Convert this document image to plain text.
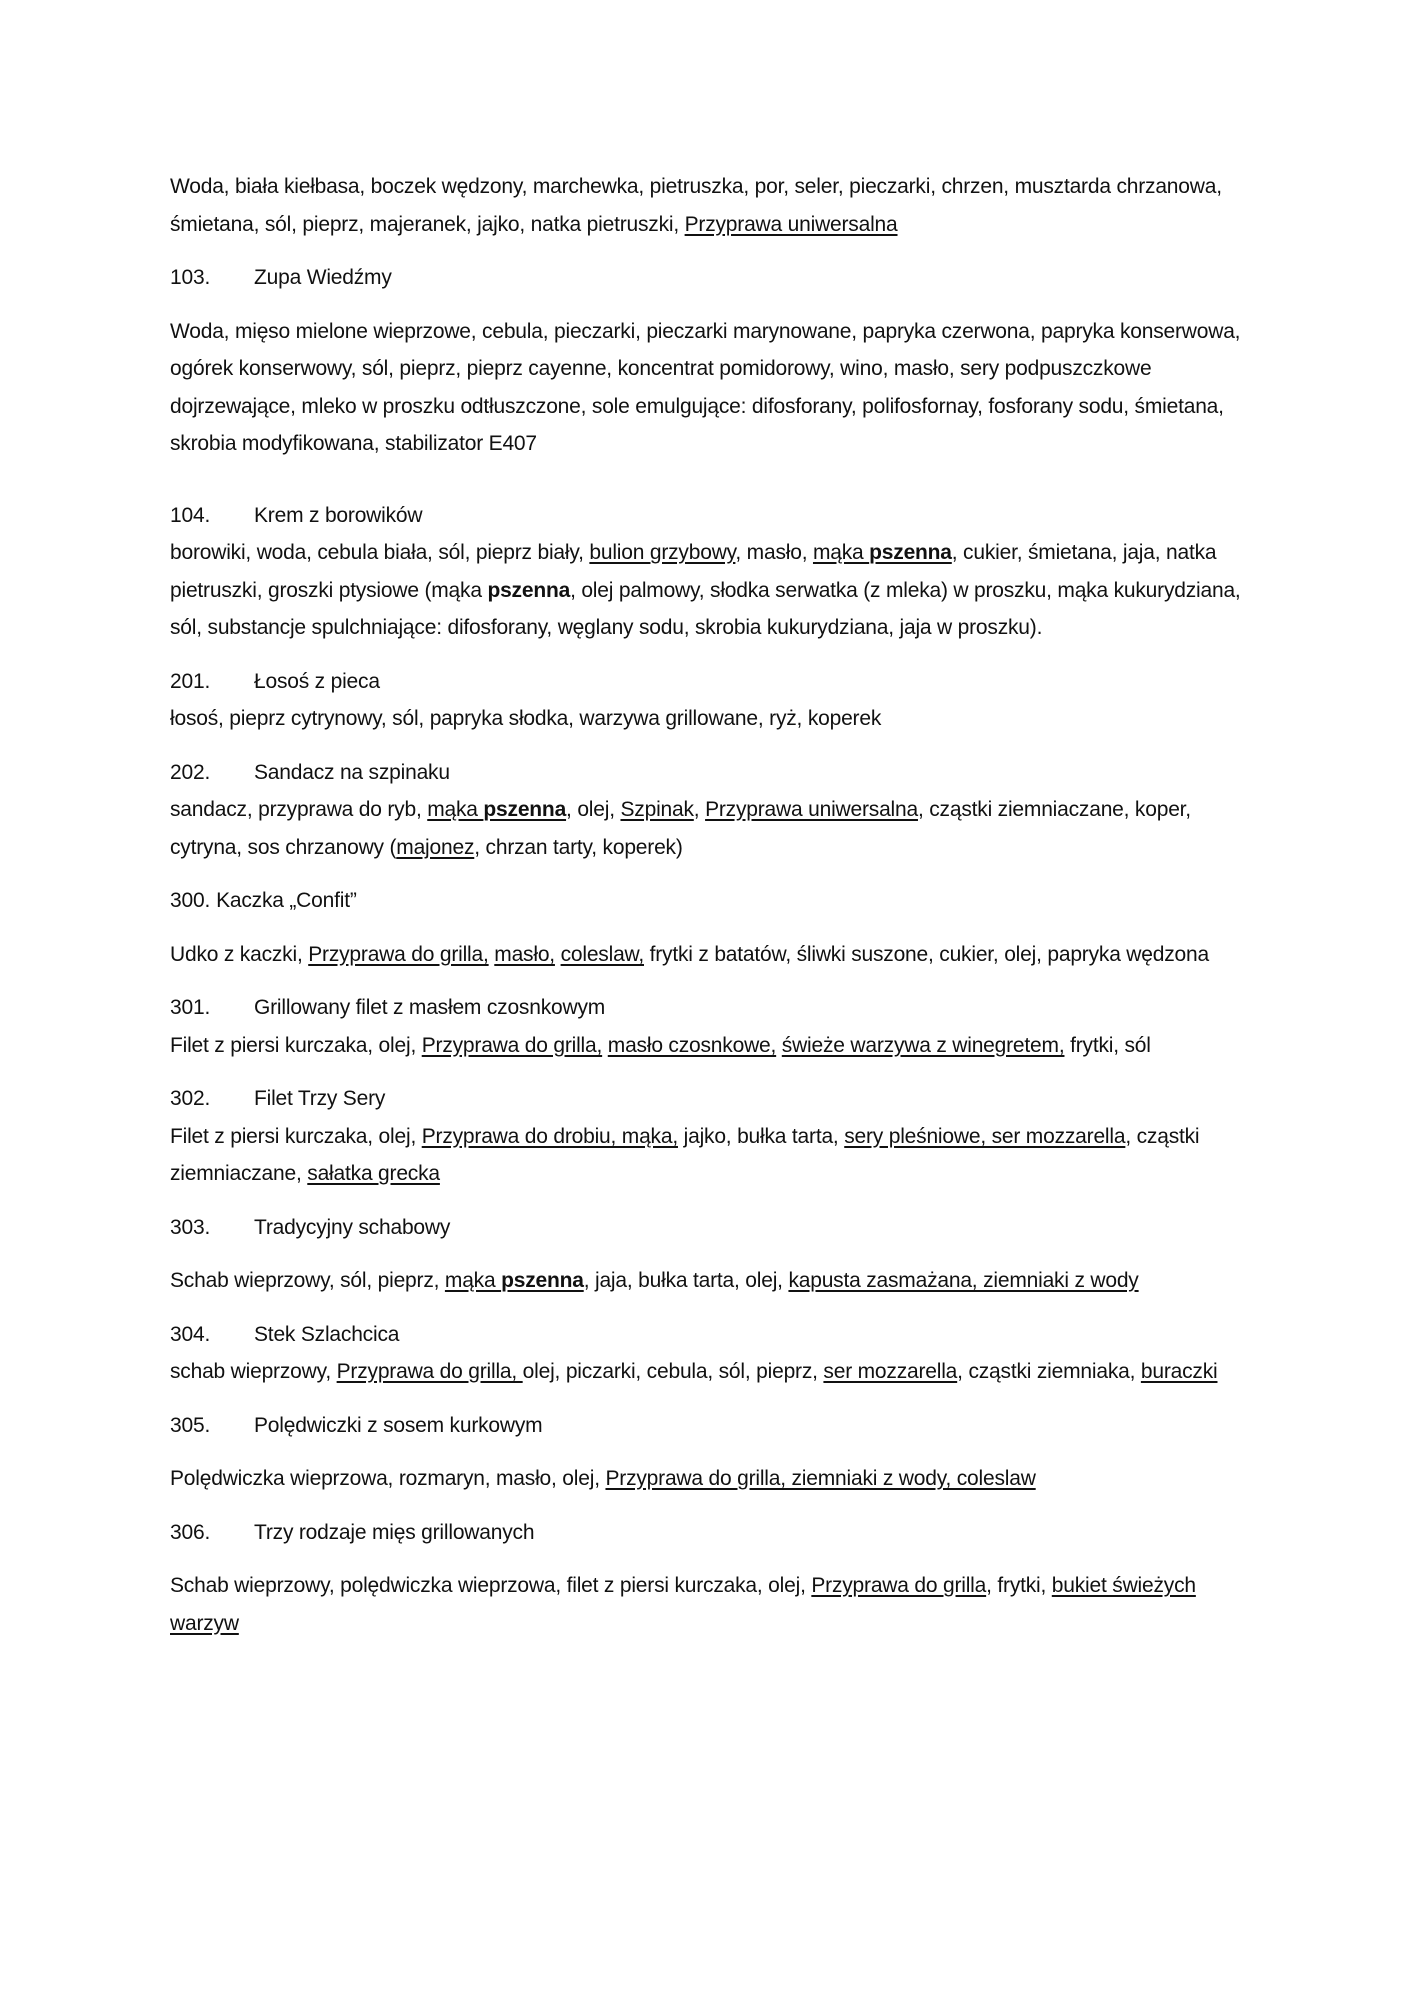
Woda, biała kiełbasa, boczek wędzony, marchewka, pietruszka, por, seler, pieczarki, chrzen, musztarda chrzanowa, śmietana, sól, pieprz, majeranek, jajko, natka pietruszki, Przyprawa uniwersalna

103.	Zupa Wiedźmy

Woda, mięso mielone wieprzowe, cebula, pieczarki, pieczarki marynowane, papryka czerwona, papryka konserwowa, ogórek konserwowy, sól, pieprz, pieprz cayenne, koncentrat pomidorowy, wino, masło, sery podpuszczkowe dojrzewające, mleko w proszku odtłuszczone, sole emulgujące: difosforany, polifosfornay, fosforany sodu, śmietana, skrobia modyfikowana, stabilizator E407

104.	Krem z borowików

borowiki, woda, cebula biała, sól, pieprz biały, bulion grzybowy, masło, mąka pszenna, cukier, śmietana, jaja, natka pietruszki, groszki ptysiowe (mąka pszenna, olej palmowy, słodka serwatka (z mleka) w proszku, mąka kukurydziana, sól, substancje spulchniające: difosforany, węglany sodu, skrobia kukurydziana, jaja w proszku).

201.	Łosoś z pieca

łosoś, pieprz cytrynowy, sól, papryka słodka, warzywa grillowane, ryż, koperek

202.	Sandacz na szpinaku

sandacz, przyprawa do ryb, mąka pszenna, olej, Szpinak, Przyprawa uniwersalna, cząstki ziemniaczane, koper, cytryna, sos chrzanowy (majonez, chrzan tarty, koperek)

300. Kaczka „Confit”

Udko z kaczki, Przyprawa do grilla, masło, coleslaw, frytki z batatów, śliwki suszone, cukier, olej, papryka wędzona

301.	Grillowany filet z masłem czosnkowym

Filet z piersi kurczaka, olej, Przyprawa do grilla, masło czosnkowe, świeże warzywa z winegretem, frytki, sól

302.	Filet Trzy Sery

Filet z piersi kurczaka, olej, Przyprawa do drobiu, mąka, jajko, bułka tarta, sery pleśniowe, ser mozzarella, cząstki ziemniaczane, sałatka grecka

303.	Tradycyjny schabowy

Schab wieprzowy, sól, pieprz, mąka pszenna, jaja, bułka tarta, olej, kapusta zasmażana, ziemniaki z wody

304.	Stek Szlachcica

schab wieprzowy, Przyprawa do grilla, olej, piczarki, cebula, sól, pieprz, ser mozzarella, cząstki ziemniaka, buraczki

305.	Polędwiczki z sosem kurkowym

Polędwiczka wieprzowa, rozmaryn, masło, olej, Przyprawa do grilla, ziemniaki z wody, coleslaw

306.	Trzy rodzaje mięs grillowanych

Schab wieprzowy, polędwiczka wieprzowa, filet z piersi kurczaka, olej, Przyprawa do grilla, frytki, bukiet świeżych warzyw
